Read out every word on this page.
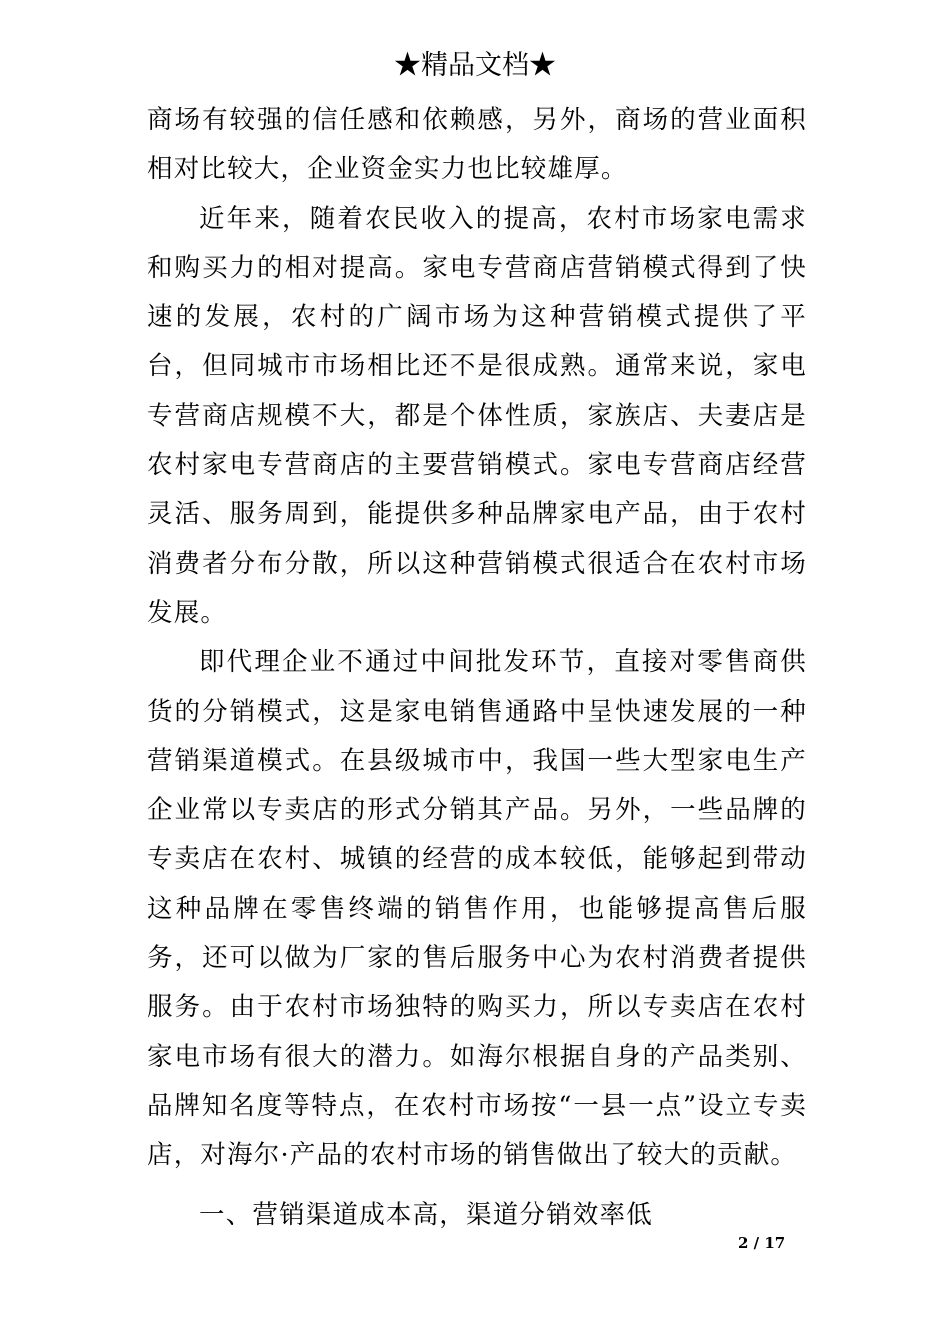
★精品文档★

商场有较强的信任感和依赖感，另外，商场的营业面积相对比较大，企业资金实力也比较雄厚。

近年来，随着农民收入的提高，农村市场家电需求和购买力的相对提高。家电专营商店营销模式得到了快速的发展，农村的广阔市场为这种营销模式提供了平台，但同城市市场相比还不是很成熟。通常来说，家电专营商店规模不大，都是个体性质，家族店、夫妻店是农村家电专营商店的主要营销模式。家电专营商店经营灵活、服务周到，能提供多种品牌家电产品，由于农村消费者分布分散，所以这种营销模式很适合在农村市场发展。

即代理企业不通过中间批发环节，直接对零售商供货的分销模式，这是家电销售通路中呈快速发展的一种营销渠道模式。在县级城市中，我国一些大型家电生产企业常以专卖店的形式分销其产品。另外，一些品牌的专卖店在农村、城镇的经营的成本较低，能够起到带动这种品牌在零售终端的销售作用，也能够提高售后服务，还可以做为厂家的售后服务中心为农村消费者提供服务。由于农村市场独特的购买力，所以专卖店在农村家电市场有很大的潜力。如海尔根据自身的产品类别、品牌知名度等特点，在农村市场按“一县一点”设立专卖店，对海尔·产品的农村市场的销售做出了较大的贡献。

一、营销渠道成本高，渠道分销效率低

2 / 17
